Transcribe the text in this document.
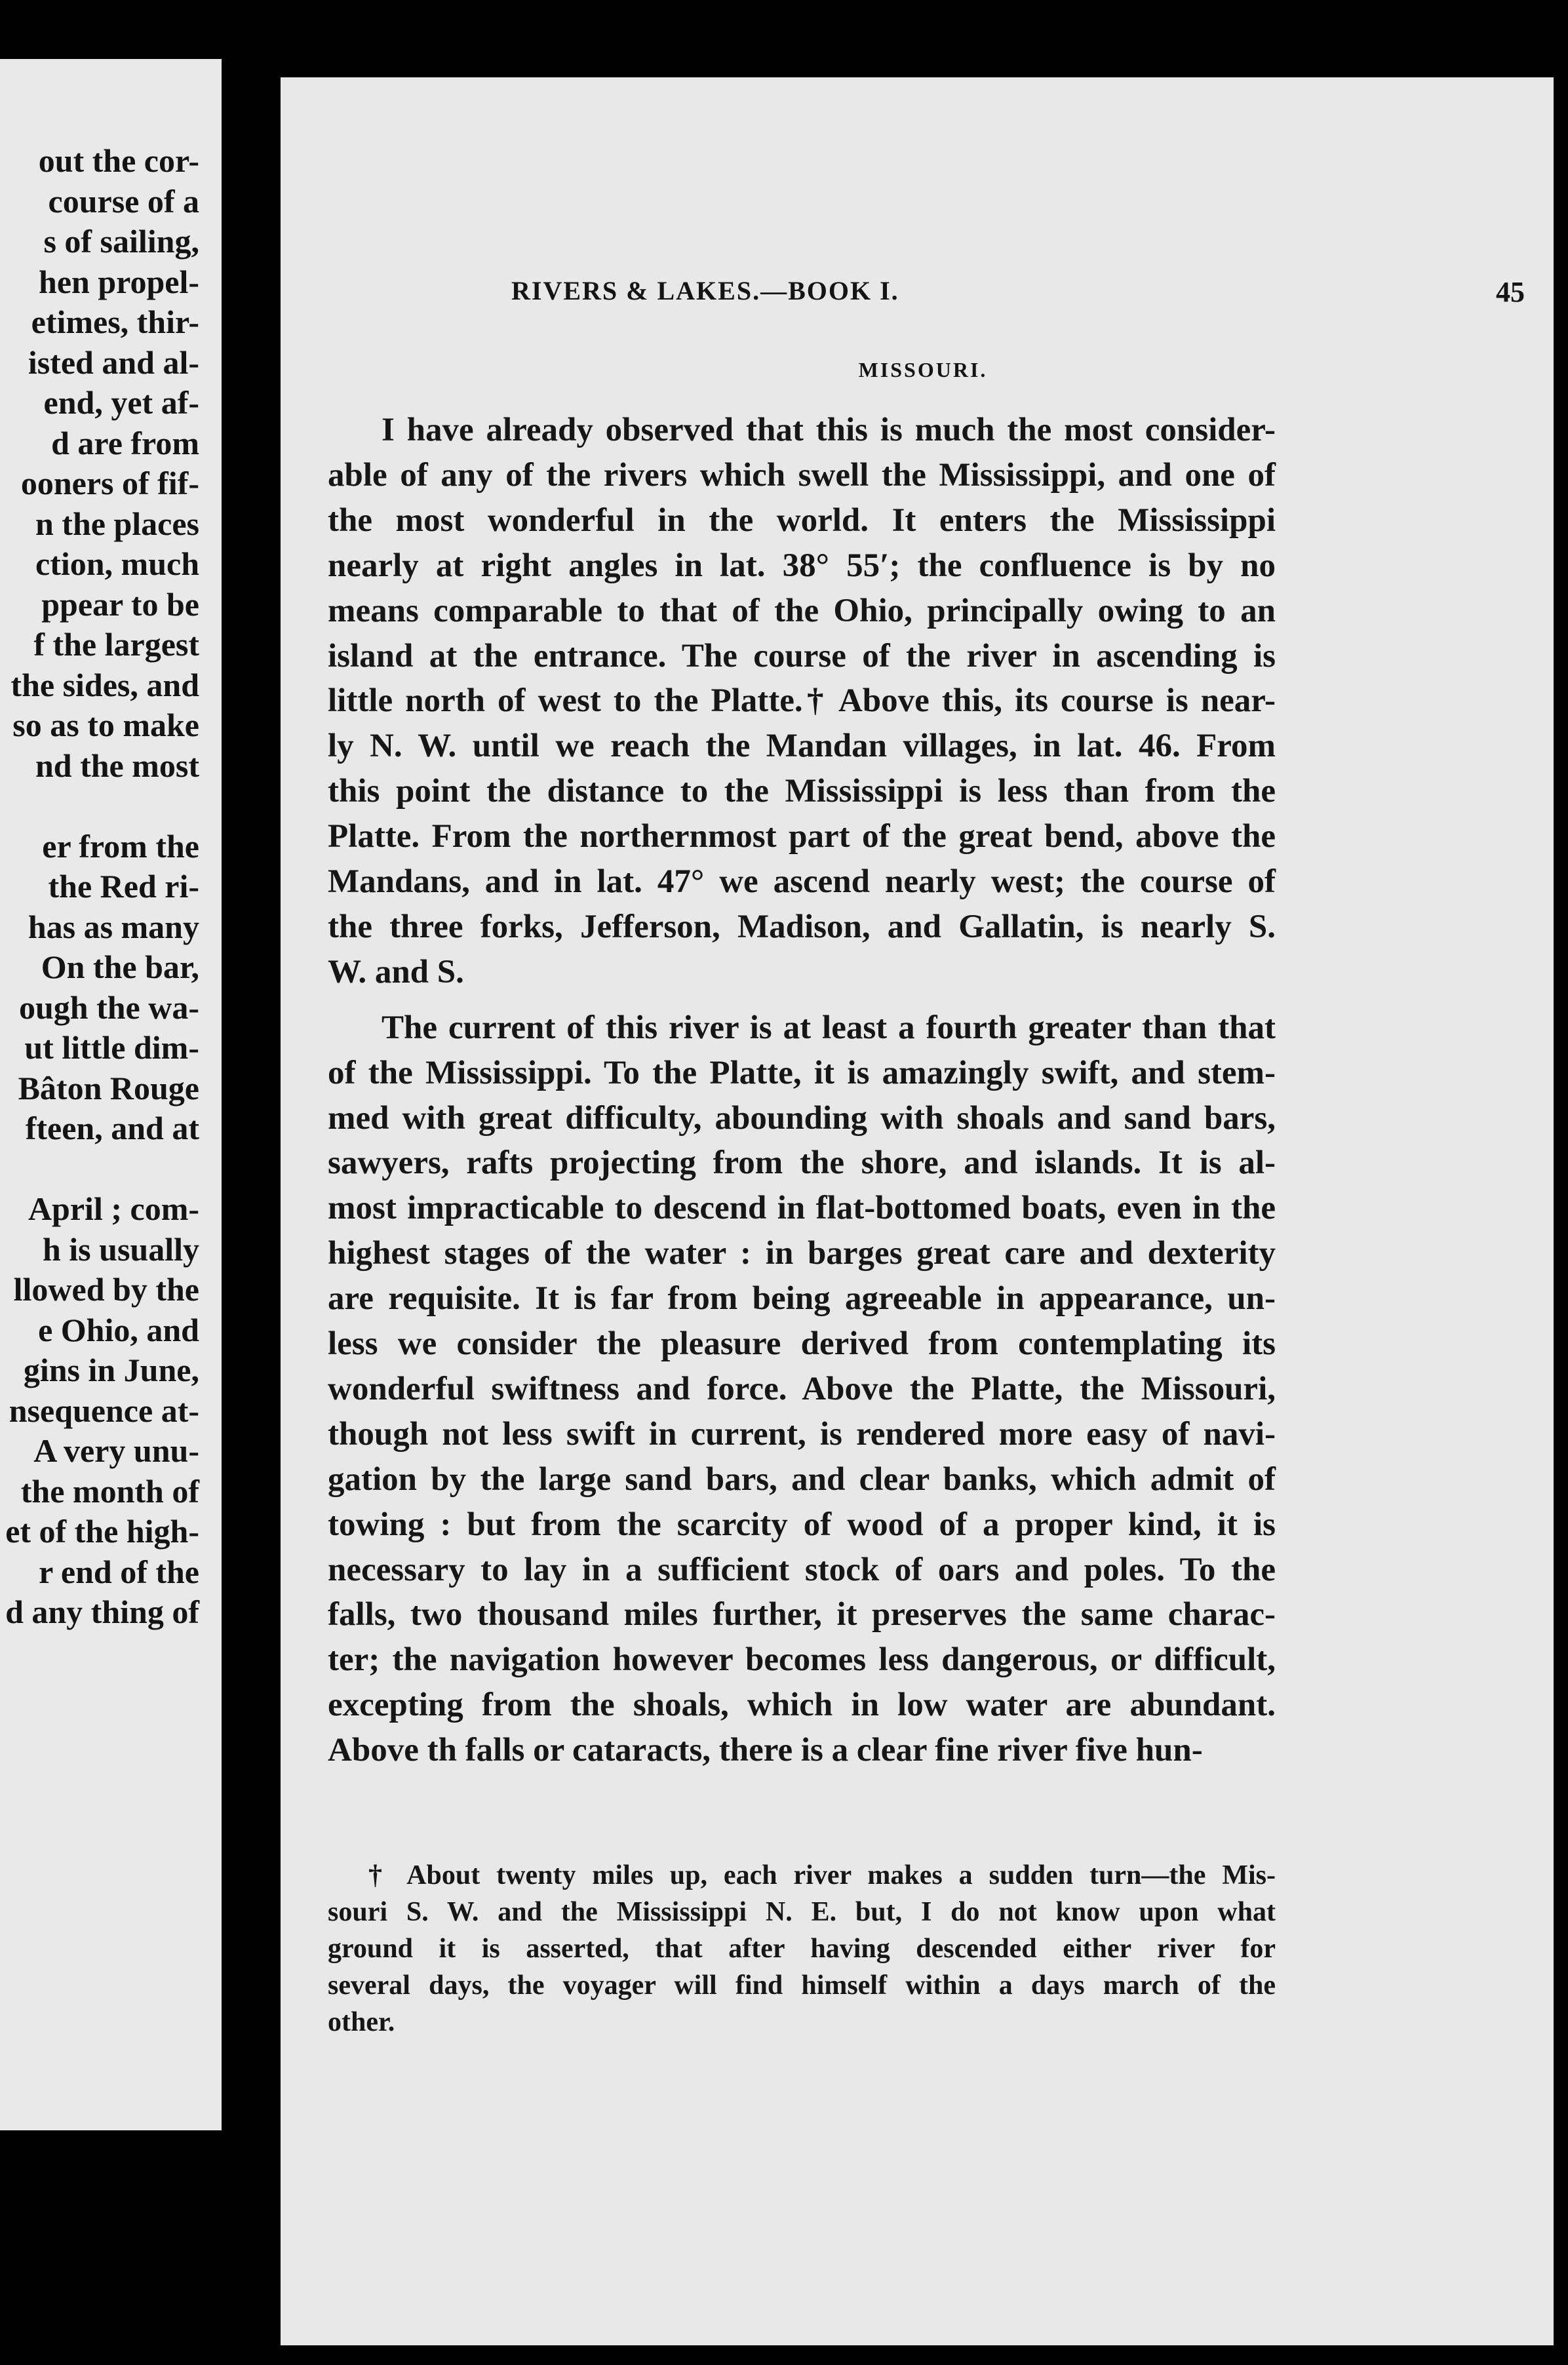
out the cor-
course of a
s of sailing,
hen propel-
etimes, thir-
isted and al-
end, yet af-
d are from
ooners of fif-
n the places
ction, much
ppear to be
f the largest
the sides, and
so as to make
nd the most
er from the
the Red ri-
has as many
On the bar,
ough the wa-
ut little dim-
Bâton Rouge
fteen, and at
April ; com-
h is usually
llowed by the
e Ohio, and
gins in June,
nsequence at-
A very unu-
the month of
et of the high-
r end of the
d any thing of
RIVERS & LAKES.—BOOK I.	45
MISSOURI.
I have already observed that this is much the most consider-
able of any of the rivers which swell the Mississippi, and one of
the most wonderful in the world. It enters the Mississippi
nearly at right angles in lat. 38° 55′; the confluence is by no
means comparable to that of the Ohio, principally owing to an
island at the entrance. The course of the river in ascending is
little north of west to the Platte.† Above this, its course is near-
ly N. W. until we reach the Mandan villages, in lat. 46. From
this point the distance to the Mississippi is less than from the
Platte. From the northernmost part of the great bend, above the
Mandans, and in lat. 47° we ascend nearly west; the course of
the three forks, Jefferson, Madison, and Gallatin, is nearly S.
W. and S.
The current of this river is at least a fourth greater than that
of the Mississippi. To the Platte, it is amazingly swift, and stem-
med with great difficulty, abounding with shoals and sand bars,
sawyers, rafts projecting from the shore, and islands. It is al-
most impracticable to descend in flat-bottomed boats, even in the
highest stages of the water : in barges great care and dexterity
are requisite. It is far from being agreeable in appearance, un-
less we consider the pleasure derived from contemplating its
wonderful swiftness and force. Above the Platte, the Missouri,
though not less swift in current, is rendered more easy of navi-
gation by the large sand bars, and clear banks, which admit of
towing : but from the scarcity of wood of a proper kind, it is
necessary to lay in a sufficient stock of oars and poles. To the
falls, two thousand miles further, it preserves the same charac-
ter; the navigation however becomes less dangerous, or difficult,
excepting from the shoals, which in low water are abundant.
Above th falls or cataracts, there is a clear fine river five hun-
† About twenty miles up, each river makes a sudden turn—the Mis-
souri S. W. and the Mississippi N. E. but, I do not know upon what
ground it is asserted, that after having descended either river for
several days, the voyager will find himself within a days march of the
other.
